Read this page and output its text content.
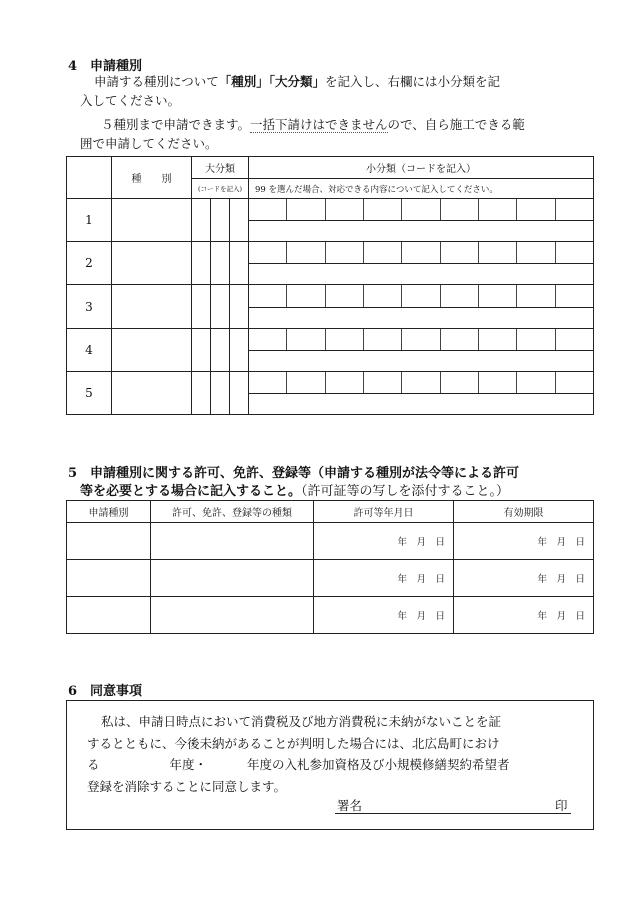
4　申請種別
申請する種別について「種別」「大分類」を記入し、右欄には小分類を記
入してください。
５種別まで申請できます。一括下請けはできませんので、自ら施工できる範
囲で申請してください。
	種　　別	大分類			小分類（コードを記入）
		(コードを記入)			99 を選んだ場合、対応できる内容について記入してください。
1					

2					

3					

4					

5					

5　申請種別に関する許可、免許、登録等（申請する種別が法令等による許可
等を必要とする場合に記入すること。（許可証等の写しを添付すること。）
申請種別	許可、免許、登録等の種類	許可等年月日	有効期限
		年　月　日	年　月　日
		年　月　日	年　月　日
		年　月　日	年　月　日
6　同意事項
私は、申請日時点において消費税及び地方消費税に未納がないことを証
するとともに、今後未納があることが判明した場合には、北広島町におけ
る	年度・	年度の入札参加資格及び小規模修繕契約希望者
登録を消除することに同意します。
署名	印
